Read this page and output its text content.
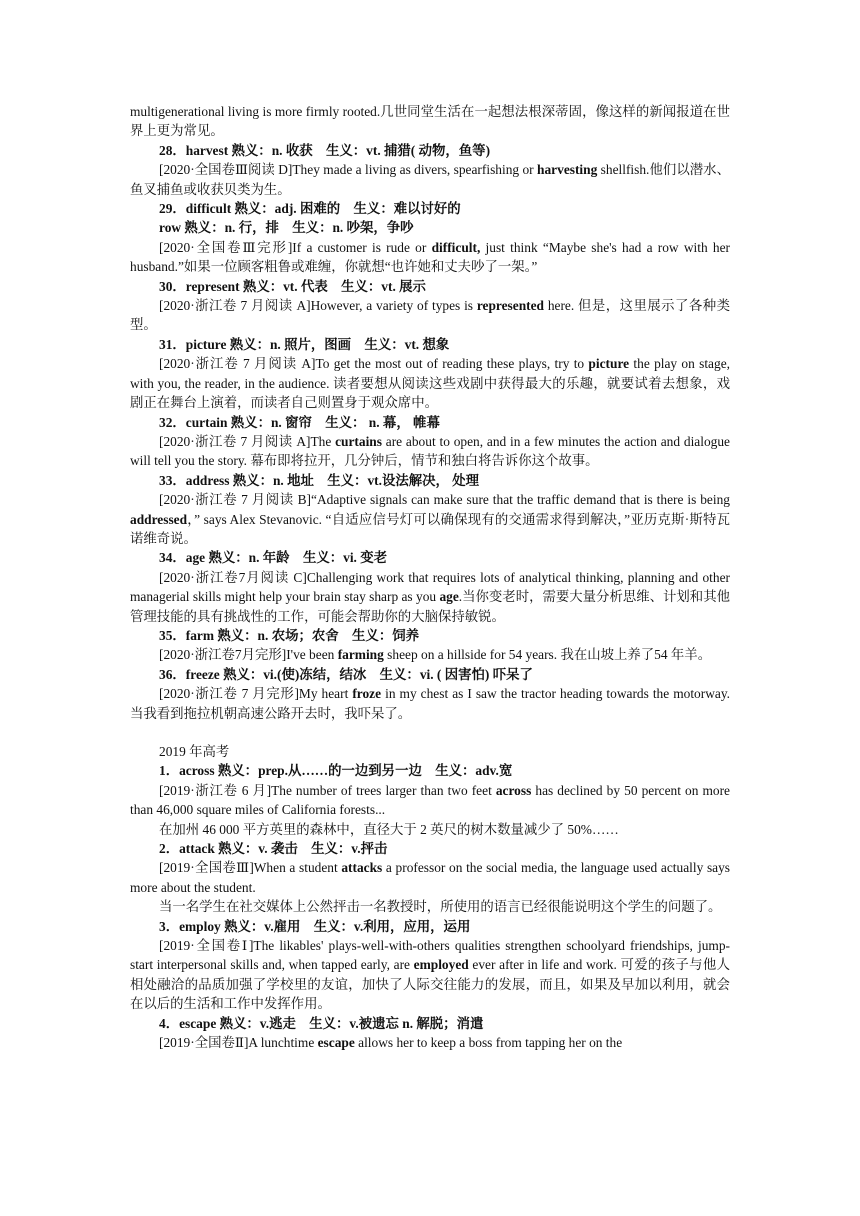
multigenerational living is more firmly rooted.几世同堂生活在一起想法根深蒂固，像这样的新闻报道在世界上更为常见。

28．harvest 熟义：n. 收获　生义：vt. 捕猎( 动物，鱼等)

[2020·全国卷Ⅲ阅读 D]They made a living as divers, spearfishing or harvesting shellfish.他们以潜水、鱼叉捕鱼或收获贝类为生。

29．difficult 熟义：adj. 困难的　生义：难以讨好的

row 熟义：n. 行，排　生义：n. 吵架，争吵

[2020·全国卷Ⅲ完形]If a customer is rude or difficult, just think “Maybe she's had a row with her husband.”如果一位顾客粗鲁或难缠，你就想“也许她和丈夫吵了一架。”

30．represent 熟义：vt. 代表　生义：vt. 展示

[2020·浙江卷 7 月阅读 A]However, a variety of types is represented here. 但是，这里展示了各种类型。

31．picture 熟义：n. 照片，图画　生义：vt. 想象

[2020·浙江卷 7 月阅读 A]To get the most out of reading these plays, try to picture the play on stage, with you, the reader, in the audience. 读者要想从阅读这些戏剧中获得最大的乐趣，就要试着去想象，戏剧正在舞台上演着，而读者自己则置身于观众席中。

32．curtain 熟义：n. 窗帘　生义： n. 幕， 帷幕

[2020·浙江卷 7 月阅读 A]The curtains are about to open, and in a few minutes the action and dialogue will tell you the story. 幕布即将拉开，几分钟后，情节和独白将告诉你这个故事。

33．address 熟义：n. 地址　生义：vt.设法解决， 处理

[2020·浙江卷 7 月阅读 B]“Adaptive signals can make sure that the traffic demand that is there is being addressed，” says Alex Stevanovic. “自适应信号灯可以确保现有的交通需求得到解决，”亚历克斯·斯特瓦诺维奇说。

34．age 熟义：n. 年龄　生义：vi. 变老

[2020·浙江卷7月阅读 C]Challenging work that requires lots of analytical thinking, planning and other managerial skills might help your brain stay sharp as you age.当你变老时，需要大量分析思维、计划和其他管理技能的具有挑战性的工作，可能会帮助你的大脑保持敏锐。

35．farm 熟义：n. 农场；农舍　生义：饲养

[2020·浙江卷7月完形]I've been farming sheep on a hillside for 54 years. 我在山坡上养了54 年羊。

36．freeze 熟义：vi.(使)冻结，结冰　生义：vi. ( 因害怕) 吓呆了

[2020·浙江卷 7 月完形]My heart froze in my chest as I saw the tractor heading towards the motorway. 当我看到拖拉机朝高速公路开去时，我吓呆了。

2019 年高考

1．across 熟义：prep.从……的一边到另一边　生义：adv.宽

[2019·浙江卷 6 月]The number of trees larger than two feet across has declined by 50 percent on more than 46,000 square miles of California forests...

在加州 46 000 平方英里的森林中，直径大于 2 英尺的树木数量减少了 50%……

2．attack 熟义：v. 袭击　生义：v.抨击

[2019·全国卷Ⅲ]When a student attacks a professor on the social media, the language used actually says more about the student.

当一名学生在社交媒体上公然抨击一名教授时，所使用的语言已经很能说明这个学生的问题了。

3．employ 熟义：v.雇用　生义：v.利用，应用，运用

[2019·全国卷Ⅰ]The likables' plays-well-with-others qualities strengthen schoolyard friendships, jump-start interpersonal skills and, when tapped early, are employed ever after in life and work. 可爱的孩子与他人相处融洽的品质加强了学校里的友谊，加快了人际交往能力的发展，而且，如果及早加以利用，就会在以后的生活和工作中发挥作用。

4．escape 熟义：v.逃走　生义：v.被遗忘 n. 解脱；消遣

[2019·全国卷Ⅱ]A lunchtime escape allows her to keep a boss from tapping her on the
